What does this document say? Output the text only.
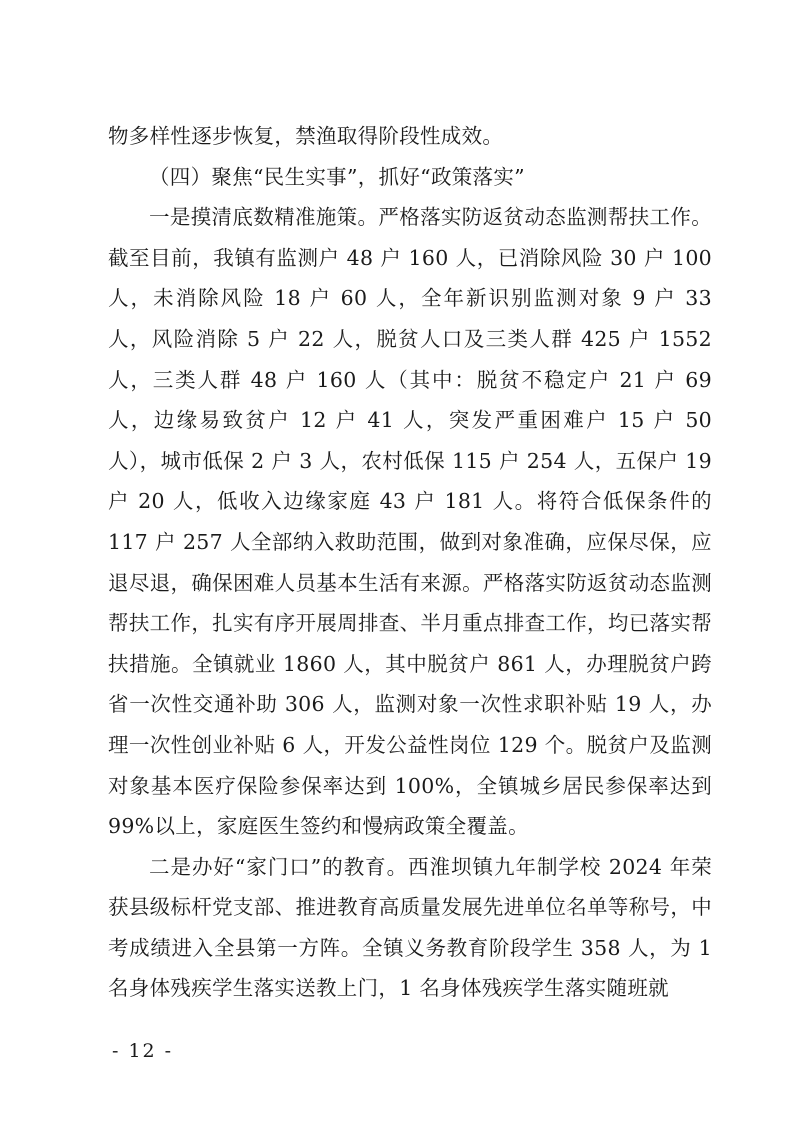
物多样性逐步恢复，禁渔取得阶段性成效。

（四）聚焦“民生实事”，抓好“政策落实”

一是摸清底数精准施策。严格落实防返贫动态监测帮扶工作。截至目前，我镇有监测户 48 户 160 人，已消除风险 30 户 100 人，未消除风险 18 户 60 人，全年新识别监测对象 9 户 33 人，风险消除 5 户 22 人，脱贫人口及三类人群 425 户 1552 人，三类人群 48 户 160 人（其中：脱贫不稳定户 21 户 69 人，边缘易致贫户 12 户 41 人，突发严重困难户 15 户 50 人），城市低保 2 户 3 人，农村低保 115 户 254 人，五保户 19 户 20 人，低收入边缘家庭 43 户 181 人。将符合低保条件的 117 户 257 人全部纳入救助范围，做到对象准确，应保尽保，应退尽退，确保困难人员基本生活有来源。严格落实防返贫动态监测帮扶工作，扎实有序开展周排查、半月重点排查工作，均已落实帮扶措施。全镇就业 1860 人，其中脱贫户 861 人，办理脱贫户跨省一次性交通补助 306 人，监测对象一次性求职补贴 19 人，办理一次性创业补贴 6 人，开发公益性岗位 129 个。脱贫户及监测对象基本医疗保险参保率达到 100%，全镇城乡居民参保率达到 99%以上，家庭医生签约和慢病政策全覆盖。

二是办好“家门口”的教育。西淮坝镇九年制学校 2024 年荣获县级标杆党支部、推进教育高质量发展先进单位名单等称号，中考成绩进入全县第一方阵。全镇义务教育阶段学生 358 人，为 1 名身体残疾学生落实送教上门，1 名身体残疾学生落实随班就

- 12 -
